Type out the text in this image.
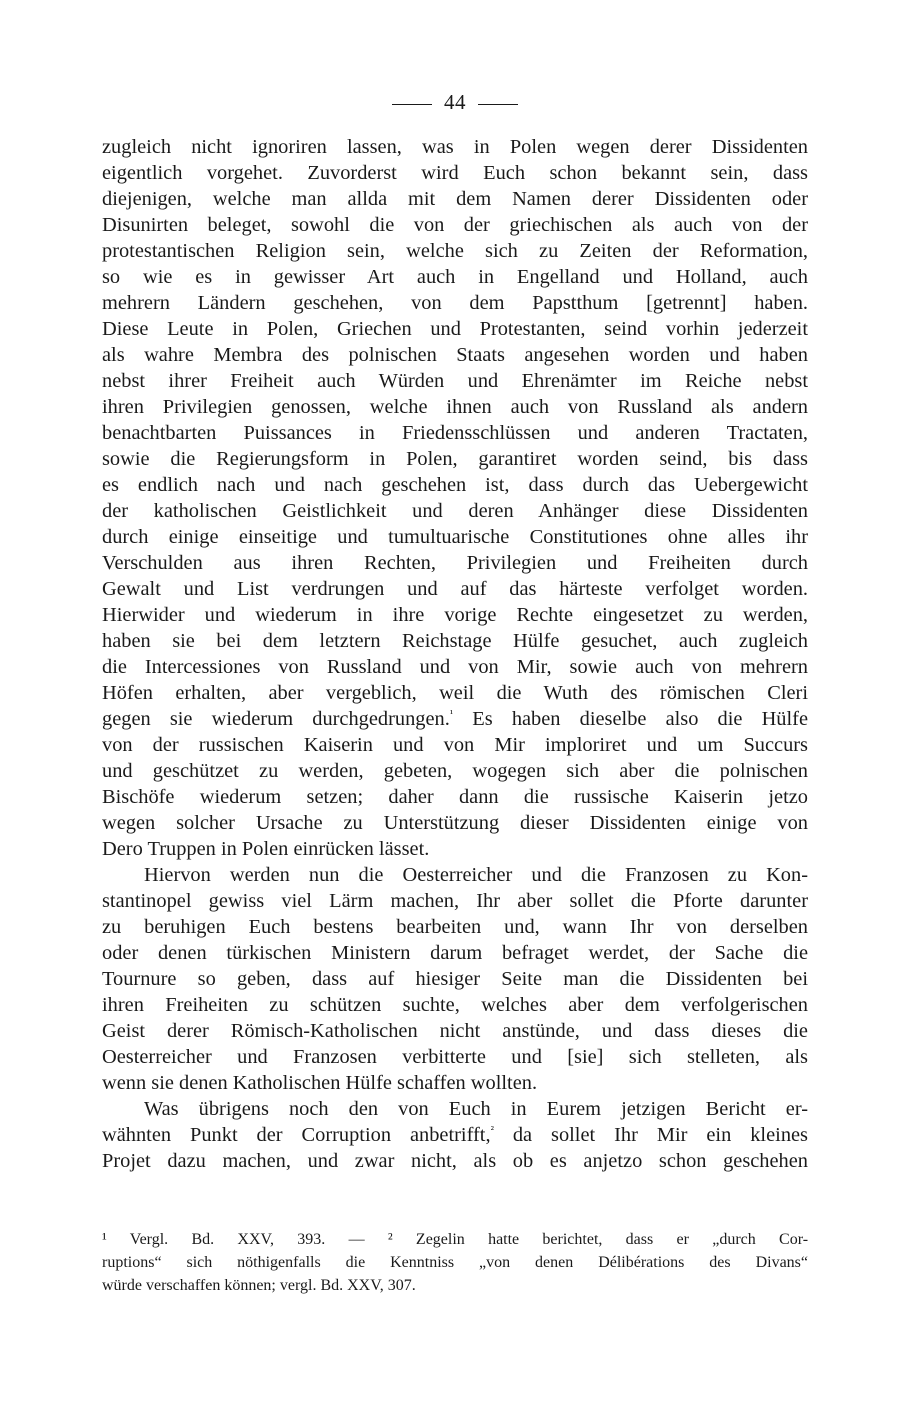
44
zugleich nicht ignoriren lassen, was in Polen wegen derer Dissidenten
eigentlich vorgehet. Zuvorderst wird Euch schon bekannt sein, dass
diejenigen, welche man allda mit dem Namen derer Dissidenten oder
Disunirten beleget, sowohl die von der griechischen als auch von der
protestantischen Religion sein, welche sich zu Zeiten der Reformation,
so wie es in gewisser Art auch in Engelland und Holland, auch
mehrern Ländern geschehen, von dem Papstthum [getrennt] haben.
Diese Leute in Polen, Griechen und Protestanten, seind vorhin jederzeit
als wahre Membra des polnischen Staats angesehen worden und haben
nebst ihrer Freiheit auch Würden und Ehrenämter im Reiche nebst
ihren Privilegien genossen, welche ihnen auch von Russland als andern
benachtbarten Puissances in Friedensschlüssen und anderen Tractaten,
sowie die Regierungsform in Polen, garantiret worden seind, bis dass
es endlich nach und nach geschehen ist, dass durch das Uebergewicht
der katholischen Geistlichkeit und deren Anhänger diese Dissidenten
durch einige einseitige und tumultuarische Constitutiones ohne alles ihr
Verschulden aus ihren Rechten, Privilegien und Freiheiten durch
Gewalt und List verdrungen und auf das härteste verfolget worden.
Hierwider und wiederum in ihre vorige Rechte eingesetzet zu werden,
haben sie bei dem letztern Reichstage Hülfe gesuchet, auch zugleich
die Intercessiones von Russland und von Mir, sowie auch von mehrern
Höfen erhalten, aber vergeblich, weil die Wuth des römischen Cleri
gegen sie wiederum durchgedrungen.$^{^1}$ Es haben dieselbe also die Hülfe
von der russischen Kaiserin und von Mir imploriret und um Succurs
und geschützet zu werden, gebeten, wogegen sich aber die polnischen
Bischöfe wiederum setzen; daher dann die russische Kaiserin jetzo
wegen solcher Ursache zu Unterstützung dieser Dissidenten einige von
Dero Truppen in Polen einrücken lässet.
Hiervon werden nun die Oesterreicher und die Franzosen zu Kon-
stantinopel gewiss viel Lärm machen, Ihr aber sollet die Pforte darunter
zu beruhigen Euch bestens bearbeiten und, wann Ihr von derselben
oder denen türkischen Ministern darum befraget werdet, der Sache die
Tournure so geben, dass auf hiesiger Seite man die Dissidenten bei
ihren Freiheiten zu schützen suchte, welches aber dem verfolgerischen
Geist derer Römisch-Katholischen nicht anstünde, und dass dieses die
Oesterreicher und Franzosen verbitterte und [sie] sich stelleten, als
wenn sie denen Katholischen Hülfe schaffen wollten.
Was übrigens noch den von Euch in Eurem jetzigen Bericht er-
wähnten Punkt der Corruption anbetrifft,$^{^2}$ da sollet Ihr Mir ein kleines
Projet dazu machen, und zwar nicht, als ob es anjetzo schon geschehen
¹ Vergl. Bd. XXV, 393. — ² Zegelin hatte berichtet, dass er „durch Cor-
ruptions“ sich nöthigenfalls die Kenntniss „von denen Délibérations des Divans“
würde verschaffen können; vergl. Bd. XXV, 307.
